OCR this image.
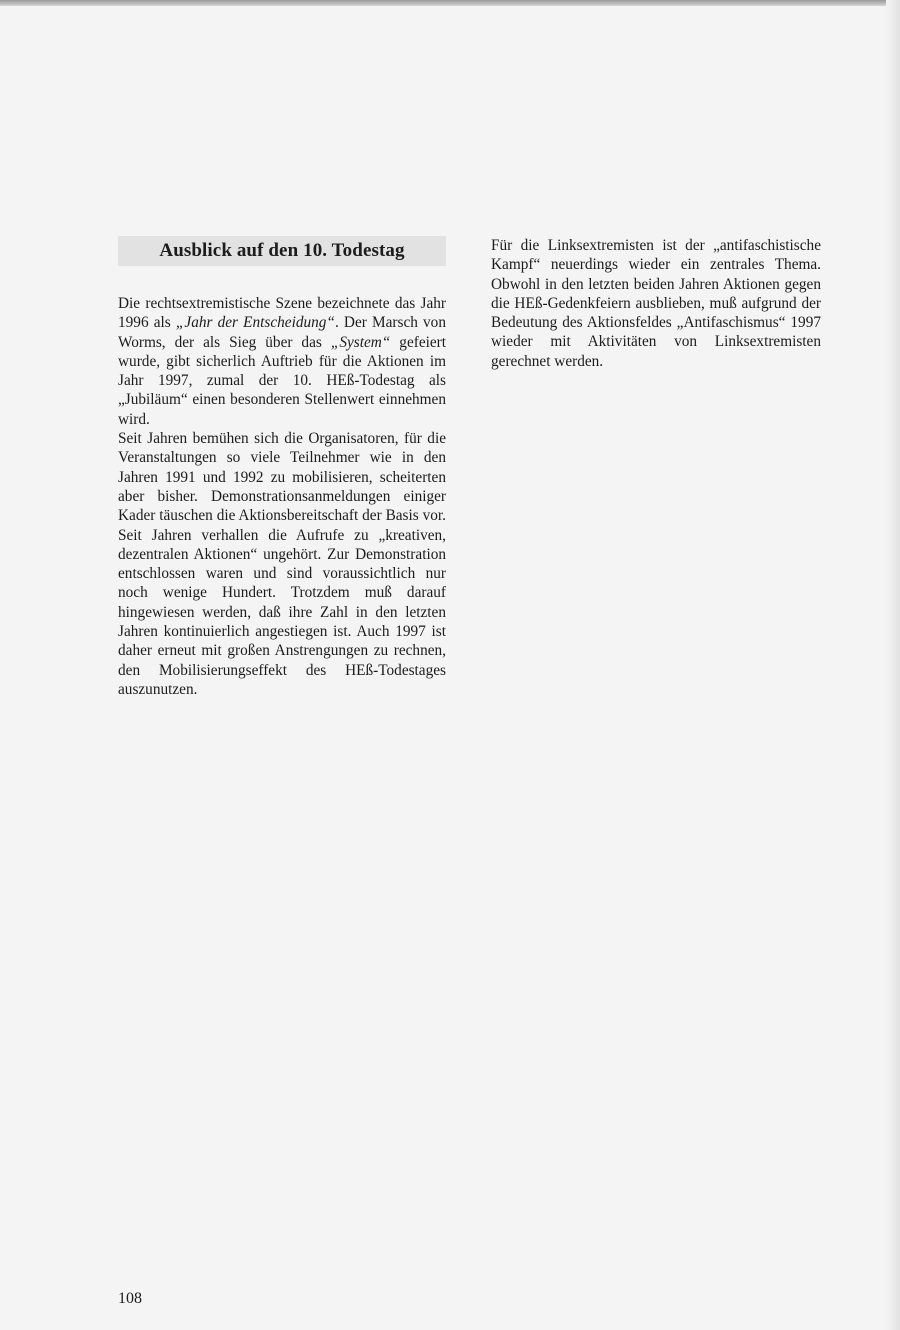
Ausblick auf den 10. Todestag

Die rechtsextremistische Szene bezeichnete das Jahr 1996 als „Jahr der Entscheidung“. Der Marsch von Worms, der als Sieg über das „System“ gefeiert wurde, gibt sicherlich Auftrieb für die Aktionen im Jahr 1997, zumal der 10. HEß-Todestag als „Jubiläum“ einen besonderen Stellenwert einnehmen wird.

Seit Jahren bemühen sich die Organisatoren, für die Veranstaltungen so viele Teilnehmer wie in den Jahren 1991 und 1992 zu mobilisieren, scheiterten aber bisher. Demonstrationsanmeldungen einiger Kader täuschen die Aktionsbereitschaft der Basis vor. Seit Jahren verhallen die Aufrufe zu „kreativen, dezentralen Aktionen“ ungehört. Zur Demonstration entschlossen waren und sind voraussichtlich nur noch wenige Hundert. Trotzdem muß darauf hingewiesen werden, daß ihre Zahl in den letzten Jahren kontinuierlich angestiegen ist. Auch 1997 ist daher erneut mit großen Anstrengungen zu rechnen, den Mobilisierungseffekt des HEß-Todestages auszunutzen.

Für die Linksextremisten ist der „antifaschistische Kampf“ neuerdings wieder ein zentrales Thema. Obwohl in den letzten beiden Jahren Aktionen gegen die HEß-Gedenkfeiern ausblieben, muß aufgrund der Bedeutung des Aktionsfeldes „Antifaschismus“ 1997 wieder mit Aktivitäten von Linksextremisten gerechnet werden.

108
